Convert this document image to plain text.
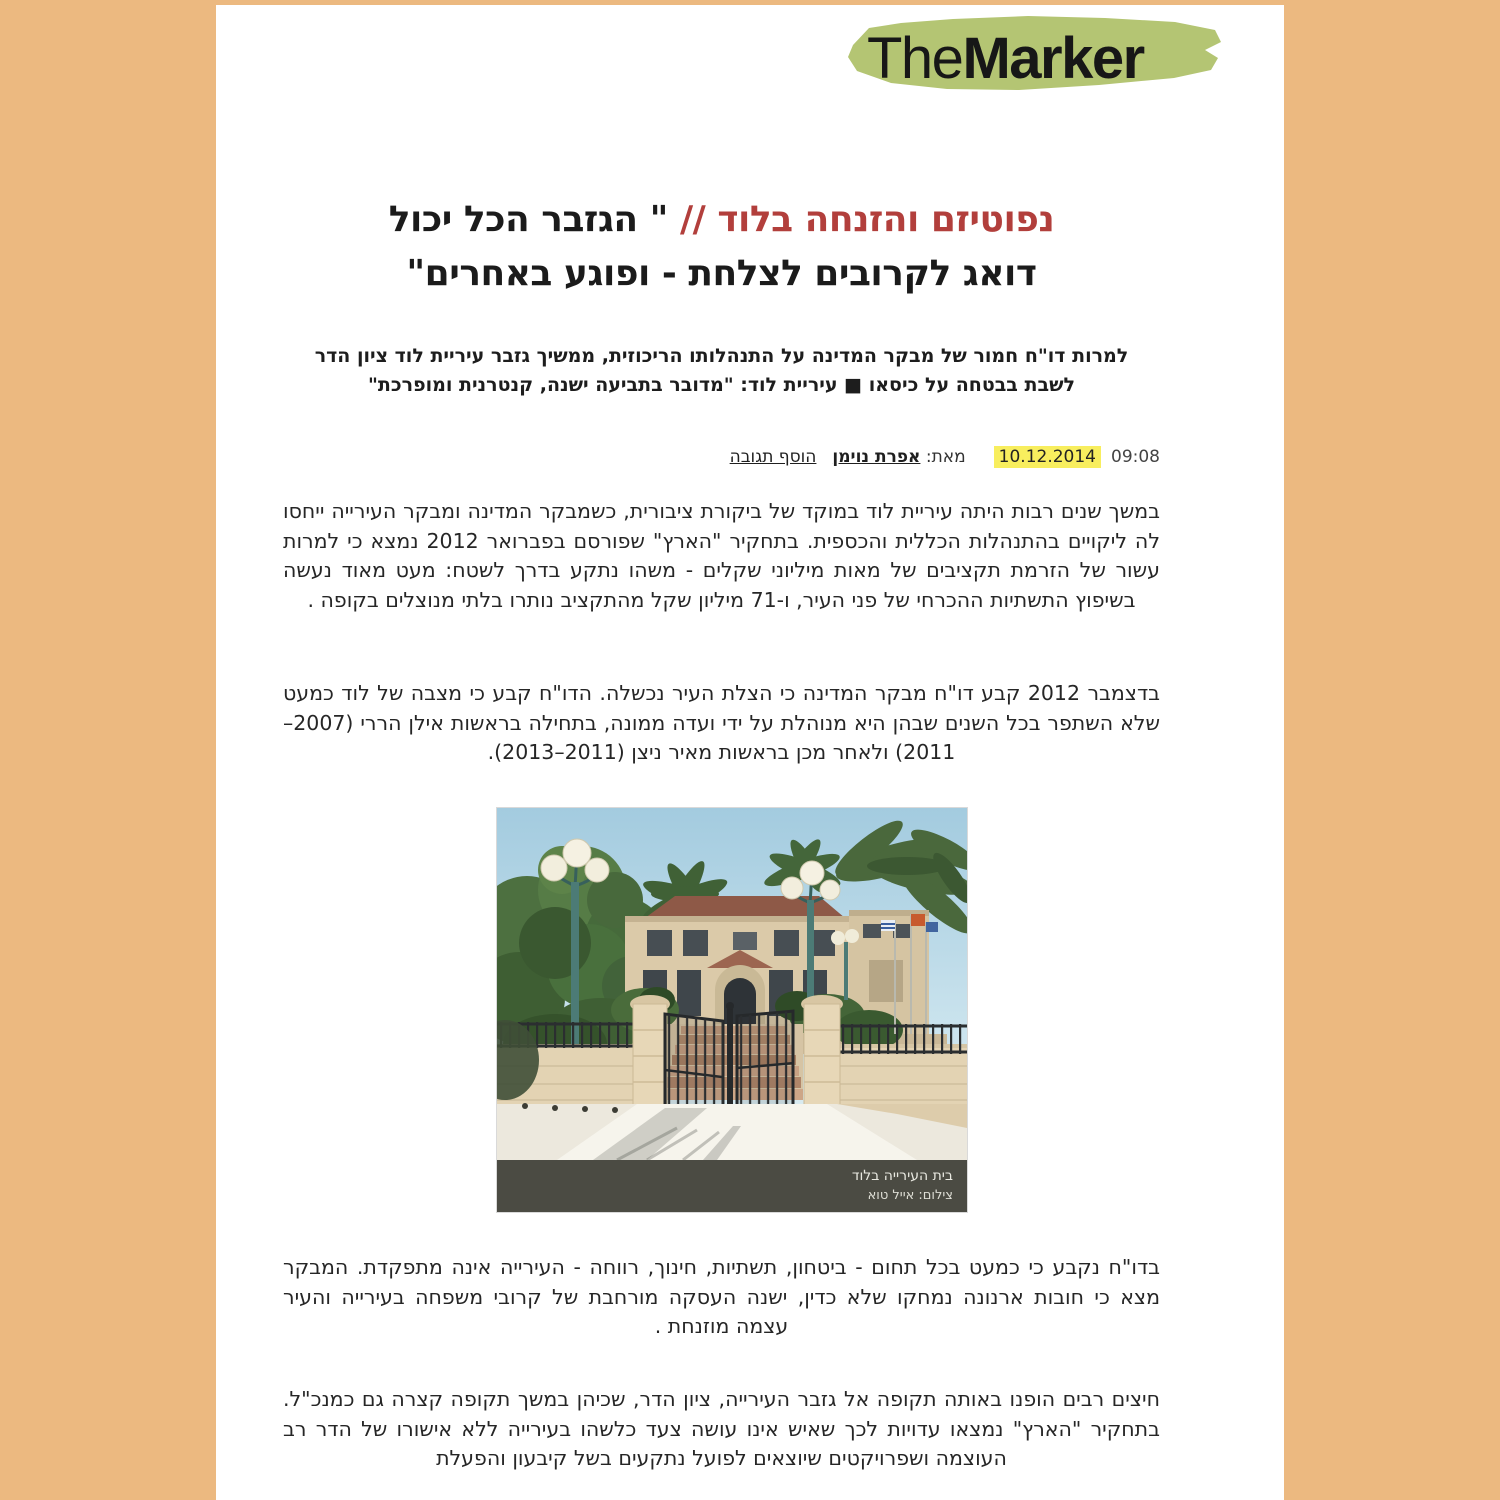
TheMarker
נפוטיזם והזנחה בלוד // " הגזבר הכל יכול
דואג לקרובים לצלחת - ופוגע באחרים"

למרות דו"ח חמור של מבקר המדינה על התנהלותו הריכוזית, ממשיך גזבר עיריית לוד ציון הדר
לשבת בבטחה על כיסאו ■ עיריית לוד: "מדובר בתביעה ישנה, קנטרנית ומופרכת"

09:08
10.12.2014
מאת: אפרת נוימן
הוסף תגובה

במשך שנים רבות היתה עיריית לוד במוקד של ביקורת ציבורית, כשמבקר המדינה ומבקר העירייה ייחסו לה ליקויים בהתנהלות הכללית והכספית. בתחקיר "הארץ" שפורסם בפברואר 2012 נמצא כי למרות עשור של הזרמת תקציבים של מאות מיליוני שקלים - משהו נתקע בדרך לשטח: מעט מאוד נעשה בשיפוץ התשתיות ההכרחי של פני העיר, ו-71 מיליון שקל מהתקציב נותרו בלתי מנוצלים בקופה .

בדצמבר 2012 קבע דו"ח מבקר המדינה כי הצלת העיר נכשלה. הדו"ח קבע כי מצבה של לוד כמעט שלא השתפר בכל השנים שבהן היא מנוהלת על ידי ועדה ממונה, בתחילה בראשות אילן הררי (2007–2011) ולאחר מכן בראשות מאיר ניצן (2011–2013).

בית העירייה בלוד
צילום: אייל טוא

בדו"ח נקבע כי כמעט בכל תחום - ביטחון, תשתיות, חינוך, רווחה - העירייה אינה מתפקדת. המבקר מצא כי חובות ארנונה נמחקו שלא כדין, ישנה העסקה מורחבת של קרובי משפחה בעירייה והעיר עצמה מוזנחת .

חיצים רבים הופנו באותה תקופה אל גזבר העירייה, ציון הדר, שכיהן במשך תקופה קצרה גם כמנכ"ל. בתחקיר "הארץ" נמצאו עדויות לכך שאיש אינו עושה צעד כלשהו בעירייה ללא אישורו של הדר רב העוצמה ושפרויקטים שיוצאים לפועל נתקעים בשל קיבעון והפעלת
